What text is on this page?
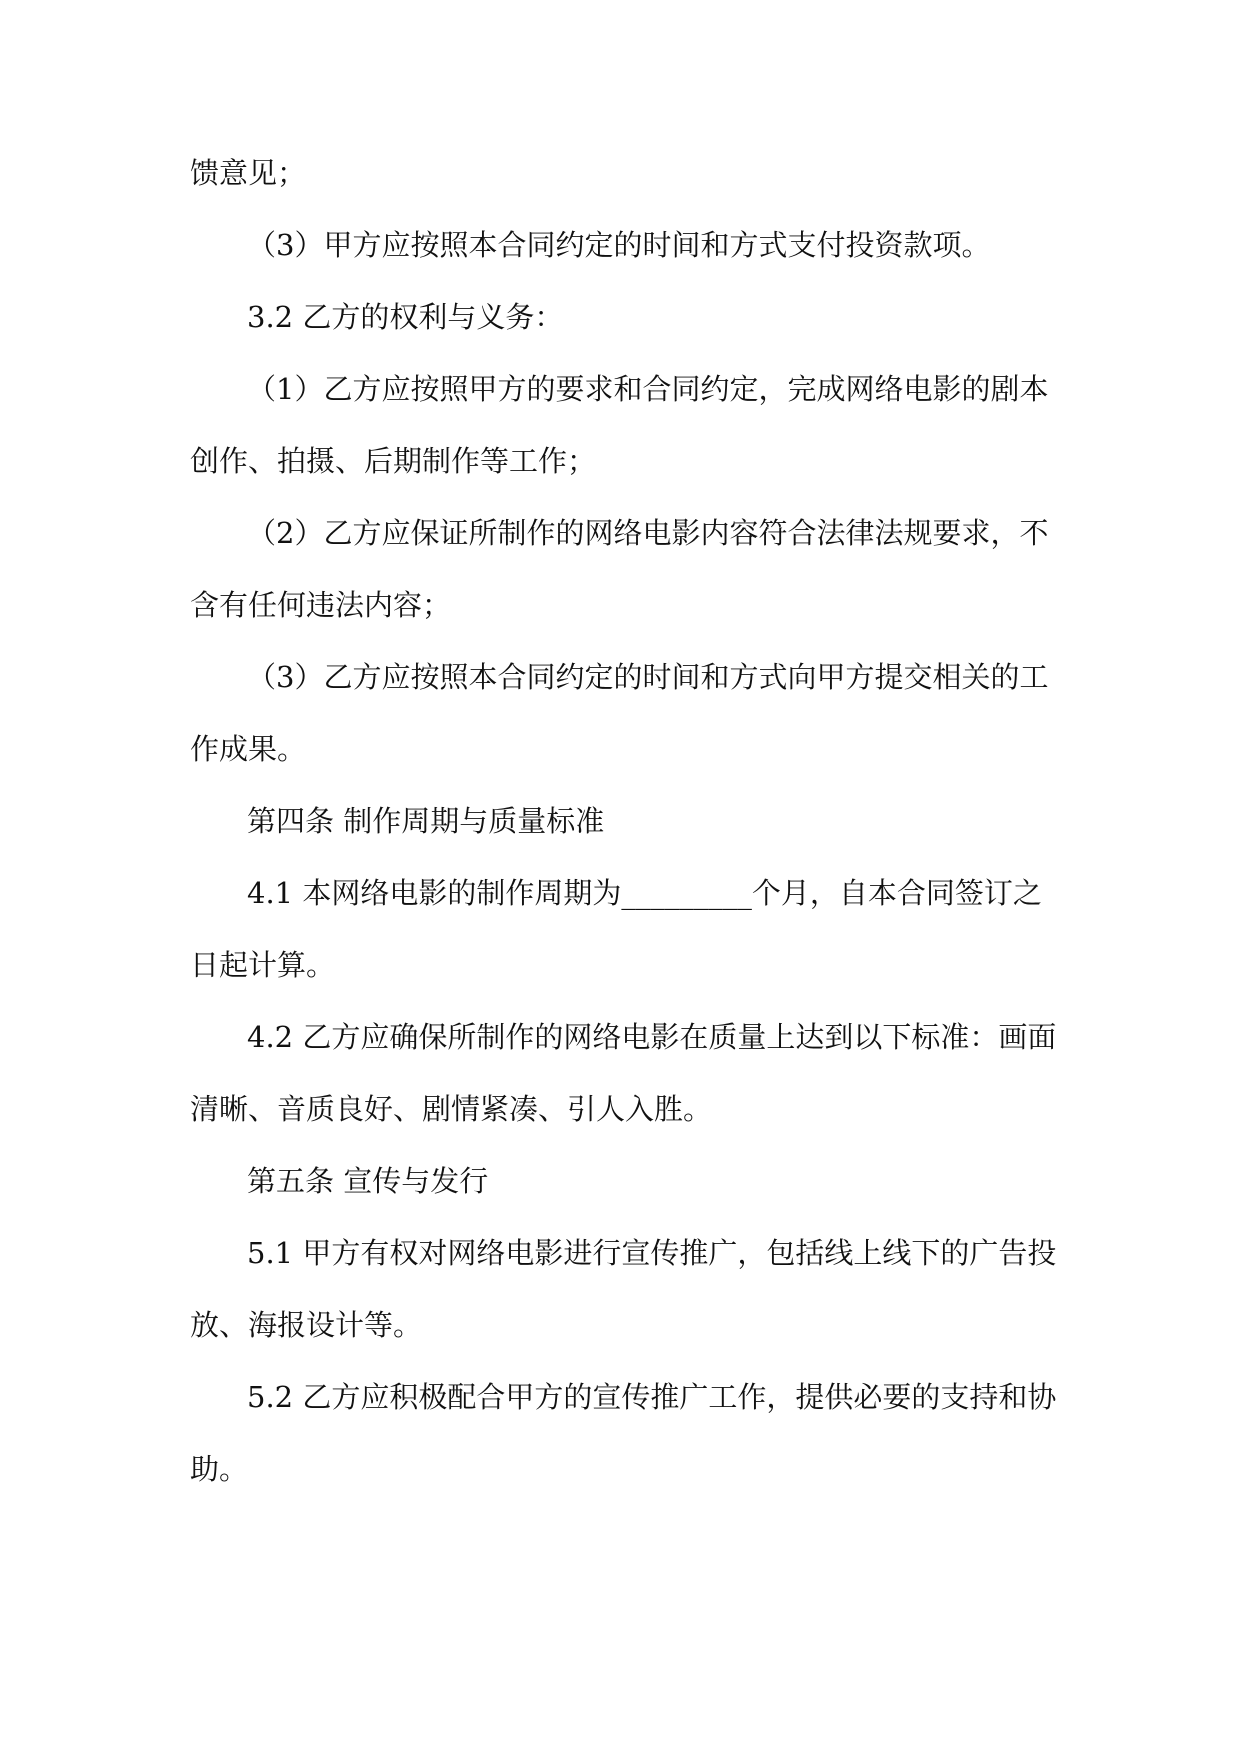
馈意见；
（3）甲方应按照本合同约定的时间和方式支付投资款项。
3.2 乙方的权利与义务：
（1）乙方应按照甲方的要求和合同约定，完成网络电影的剧本
创作、拍摄、后期制作等工作；
（2）乙方应保证所制作的网络电影内容符合法律法规要求，不
含有任何违法内容；
（3）乙方应按照本合同约定的时间和方式向甲方提交相关的工
作成果。
第四条 制作周期与质量标准
4.1 本网络电影的制作周期为_________个月，自本合同签订之
日起计算。
4.2 乙方应确保所制作的网络电影在质量上达到以下标准：画面
清晰、音质良好、剧情紧凑、引人入胜。
第五条 宣传与发行
5.1 甲方有权对网络电影进行宣传推广，包括线上线下的广告投
放、海报设计等。
5.2 乙方应积极配合甲方的宣传推广工作，提供必要的支持和协
助。
